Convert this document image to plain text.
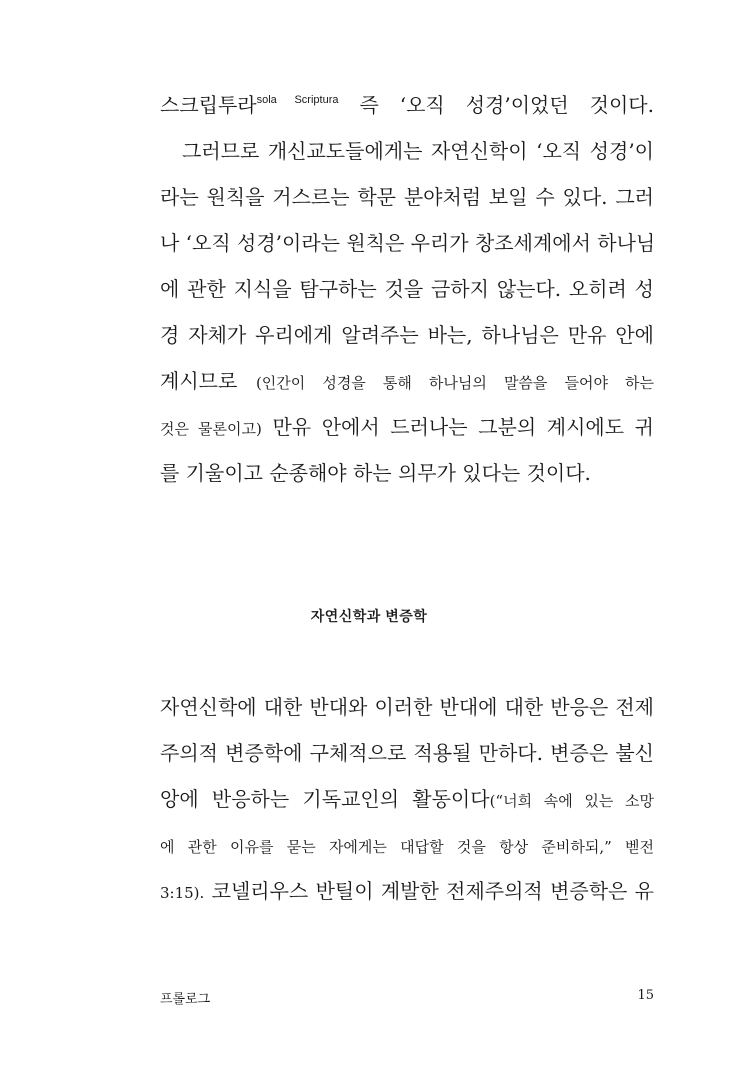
스크립투라$^{sola Scriptura}$ 즉 ‘오직 성경’이었던 것이다.
그러므로 개신교도들에게는 자연신학이 ‘오직 성경’이
라는 원칙을 거스르는 학문 분야처럼 보일 수 있다. 그러
나 ‘오직 성경’이라는 원칙은 우리가 창조세계에서 하나님
에 관한 지식을 탐구하는 것을 금하지 않는다. 오히려 성
경 자체가 우리에게 알려주는 바는, 하나님은 만유 안에
계시므로 (인간이 성경을 통해 하나님의 말씀을 들어야 하는
것은 물론이고) 만유 안에서 드러나는 그분의 계시에도 귀
를 기울이고 순종해야 하는 의무가 있다는 것이다.
자연신학과 변증학
자연신학에 대한 반대와 이러한 반대에 대한 반응은 전제
주의적 변증학에 구체적으로 적용될 만하다. 변증은 불신
앙에 반응하는 기독교인의 활동이다(“너희 속에 있는 소망
에 관한 이유를 묻는 자에게는 대답할 것을 항상 준비하되,” 벧전
3:15). 코넬리우스 반틸이 계발한 전제주의적 변증학은 유
프롤로그	15
